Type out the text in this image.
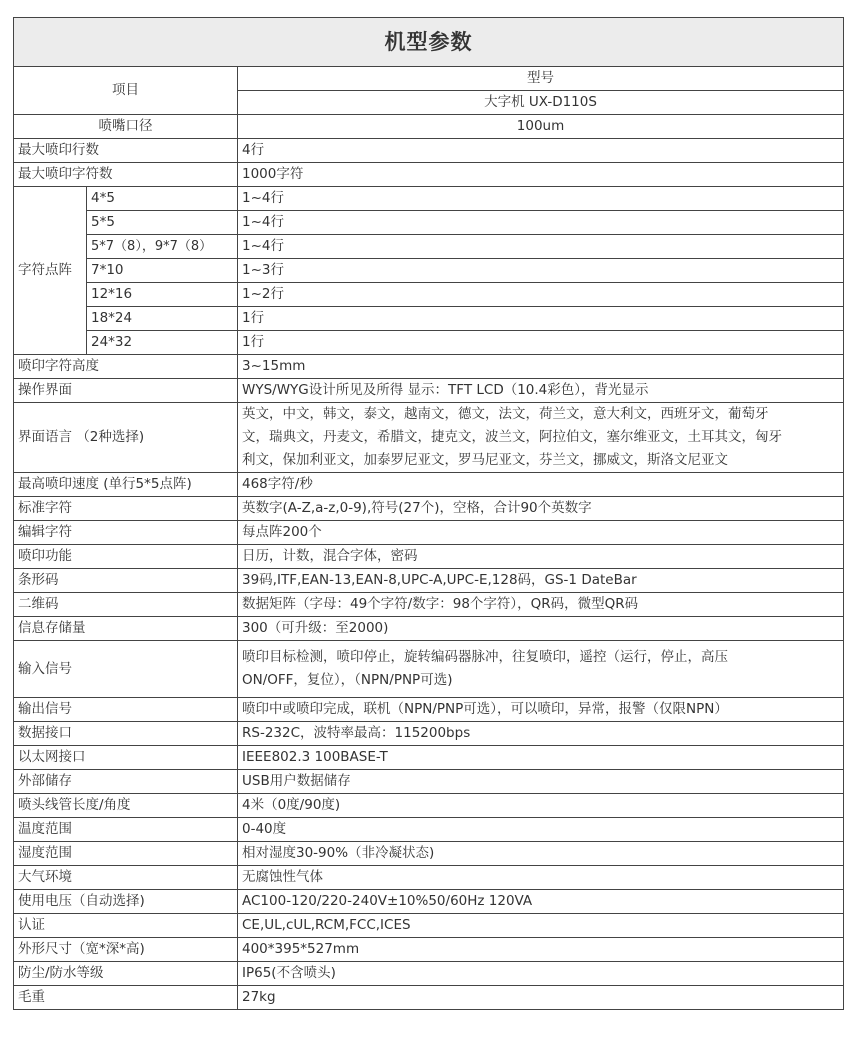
机型参数		
项目		型号
		大字机 UX-D110S
喷嘴口径		100um
最大喷印行数		4行
最大喷印字符数		1000字符
字符点阵	4*5	1~4行
	5*5	1~4行
	5*7（8），9*7（8）	1~4行
	7*10	1~3行
	12*16	1~2行
	18*24	1行
	24*32	1行
喷印字符高度		3~15mm
操作界面		WYS/WYG设计所见及所得 显示：TFT LCD（10.4彩色），背光显示
界面语言 （2种选择)		英文，中文，韩文，泰文，越南文，德文，法文，荷兰文，意大利文，西班牙文，葡萄牙
文，瑞典文，丹麦文，希腊文，捷克文，波兰文，阿拉伯文，塞尔维亚文，土耳其文，匈牙
利文，保加利亚文，加泰罗尼亚文，罗马尼亚文，芬兰文，挪威文，斯洛文尼亚文

最高喷印速度 (单行5*5点阵)		468字符/秒
标准字符		英数字(A-Z,a-z,0-9),符号(27个)，空格，合计90个英数字
编辑字符		每点阵200个
喷印功能		日历，计数，混合字体，密码
条形码		39码,ITF,EAN-13,EAN-8,UPC-A,UPC-E,128码，GS-1 DateBar
二维码		数据矩阵（字母：49个字符/数字：98个字符），QR码，微型QR码
信息存储量		300（可升级：至2000)
输入信号		喷印目标检测，喷印停止，旋转编码器脉冲，往复喷印，遥控（运行，停止，高压
ON/OFF，复位），（NPN/PNP可选)

输出信号		喷印中或喷印完成，联机（NPN/PNP可选），可以喷印，异常，报警（仅限NPN）
数据接口		RS-232C，波特率最高：115200bps
以太网接口		IEEE802.3 100BASE-T
外部储存		USB用户数据储存
喷头线管长度/角度		4米（0度/90度)
温度范围		0-40度
湿度范围		相对湿度30-90%（非冷凝状态)
大气环境		无腐蚀性气体
使用电压（自动选择)		AC100-120/220-240V±10%50/60Hz 120VA
认证		CE,UL,cUL,RCM,FCC,ICES
外形尺寸（宽*深*高)		400*395*527mm
防尘/防水等级		IP65(不含喷头)
毛重		27kg
